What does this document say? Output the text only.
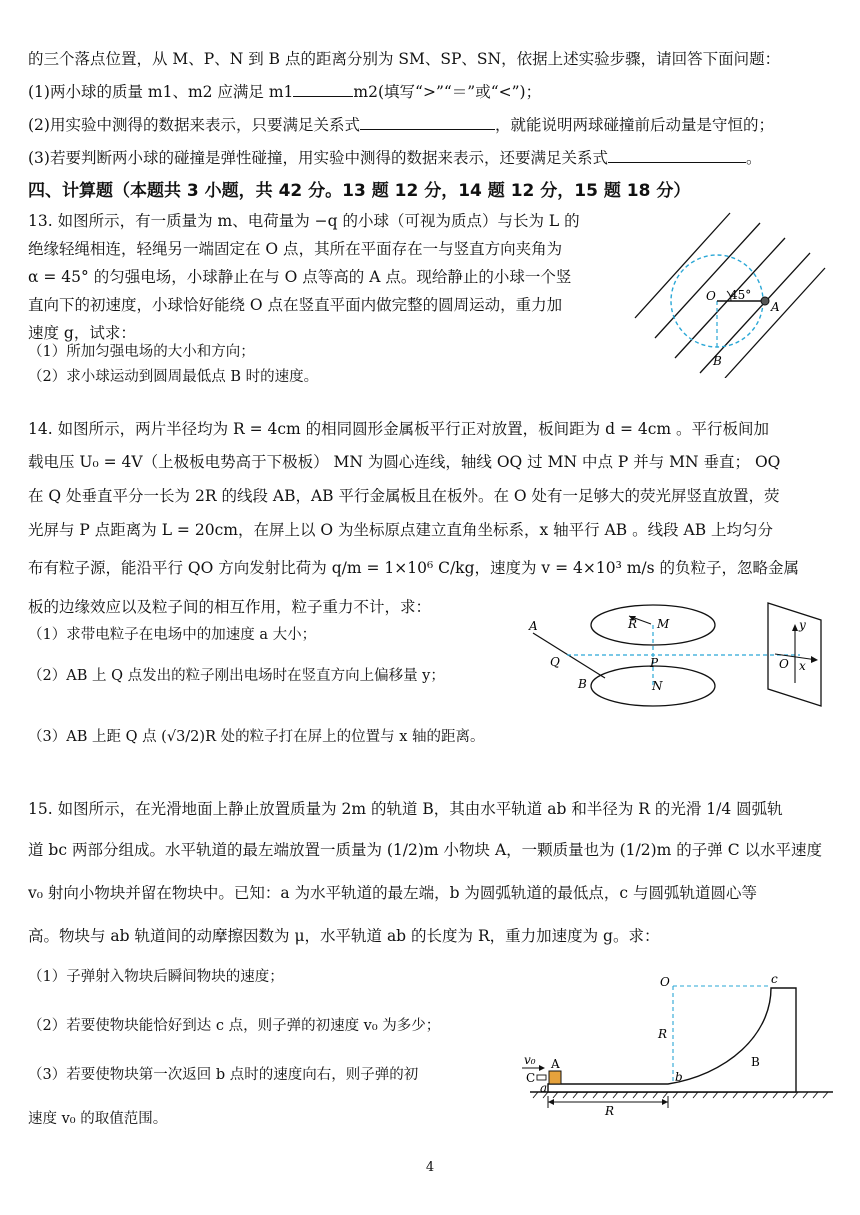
的三个落点位置，从 M、P、N 到 B 点的距离分别为 SM、SP、SN，依据上述实验步骤，请回答下面问题：
(1)两小球的质量 m1、m2 应满足 m1	m2(填写“>”“＝”或“<”)；
(2)用实验中测得的数据来表示，只要满足关系式	，就能说明两球碰撞前后动量是守恒的；
(3)若要判断两小球的碰撞是弹性碰撞，用实验中测得的数据来表示，还要满足关系式	。
四、计算题（本题共 3 小题，共 42 分。13 题 12 分，14 题 12 分，15 题 18 分）
13. 如图所示，有一质量为 m、电荷量为 −q 的小球（可视为质点）与长为 L 的
绝缘轻绳相连，轻绳另一端固定在 O 点，其所在平面存在一与竖直方向夹角为
α = 45° 的匀强电场，小球静止在与 O 点等高的 A 点。现给静止的小球一个竖
直向下的初速度，小球恰好能绕 O 点在竖直平面内做完整的圆周运动，重力加
速度 g，试求：
（1）所加匀强电场的大小和方向；
（2）求小球运动到圆周最低点 B 时的速度。
O 45°
A
B
14. 如图所示，两片半径均为 R = 4cm 的相同圆形金属板平行正对放置，板间距为 d = 4cm 。平行板间加
载电压 U₀ = 4V（上极板电势高于下极板） MN 为圆心连线，轴线 OQ 过 MN 中点 P 并与 MN 垂直； OQ
在 Q 处垂直平分一长为 2R 的线段 AB，AB 平行金属板且在板外。在 O 处有一足够大的荧光屏竖直放置，荧
光屏与 P 点距离为 L = 20cm，在屏上以 O 为坐标原点建立直角坐标系，x 轴平行 AB 。线段 AB 上均匀分
布有粒子源，能沿平行 QO 方向发射比荷为 q/m = 1×10⁶ C/kg，速度为 v = 4×10³ m/s 的负粒子，忽略金属
板的边缘效应以及粒子间的相互作用，粒子重力不计，求：
（1）求带电粒子在电场中的加速度 a 大小；
（2）AB 上 Q 点发出的粒子刚出电场时在竖直方向上偏移量 y；
（3）AB 上距 Q 点 (√3/2)R 处的粒子打在屏上的位置与 x 轴的距离。
R M
P
N
A
Q
B
O x
y
15. 如图所示，在光滑地面上静止放置质量为 2m 的轨道 B，其由水平轨道 ab 和半径为 R 的光滑 1/4 圆弧轨
道 bc 两部分组成。水平轨道的最左端放置一质量为 (1/2)m 小物块 A，一颗质量也为 (1/2)m 的子弹 C 以水平速度
v₀ 射向小物块并留在物块中。已知：a 为水平轨道的最左端，b 为圆弧轨道的最低点，c 与圆弧轨道圆心等
高。物块与 ab 轨道间的动摩擦因数为 μ，水平轨道 ab 的长度为 R，重力加速度为 g。求：
（1）子弹射入物块后瞬间物块的速度；
（2）若要使物块能恰好到达 c 点，则子弹的初速度 v₀ 为多少；
（3）若要使物块第一次返回 b 点时的速度向右，则子弹的初
速度 v₀ 的取值范围。
O	c
R
B
A
C
v₀
a
b
R
4
